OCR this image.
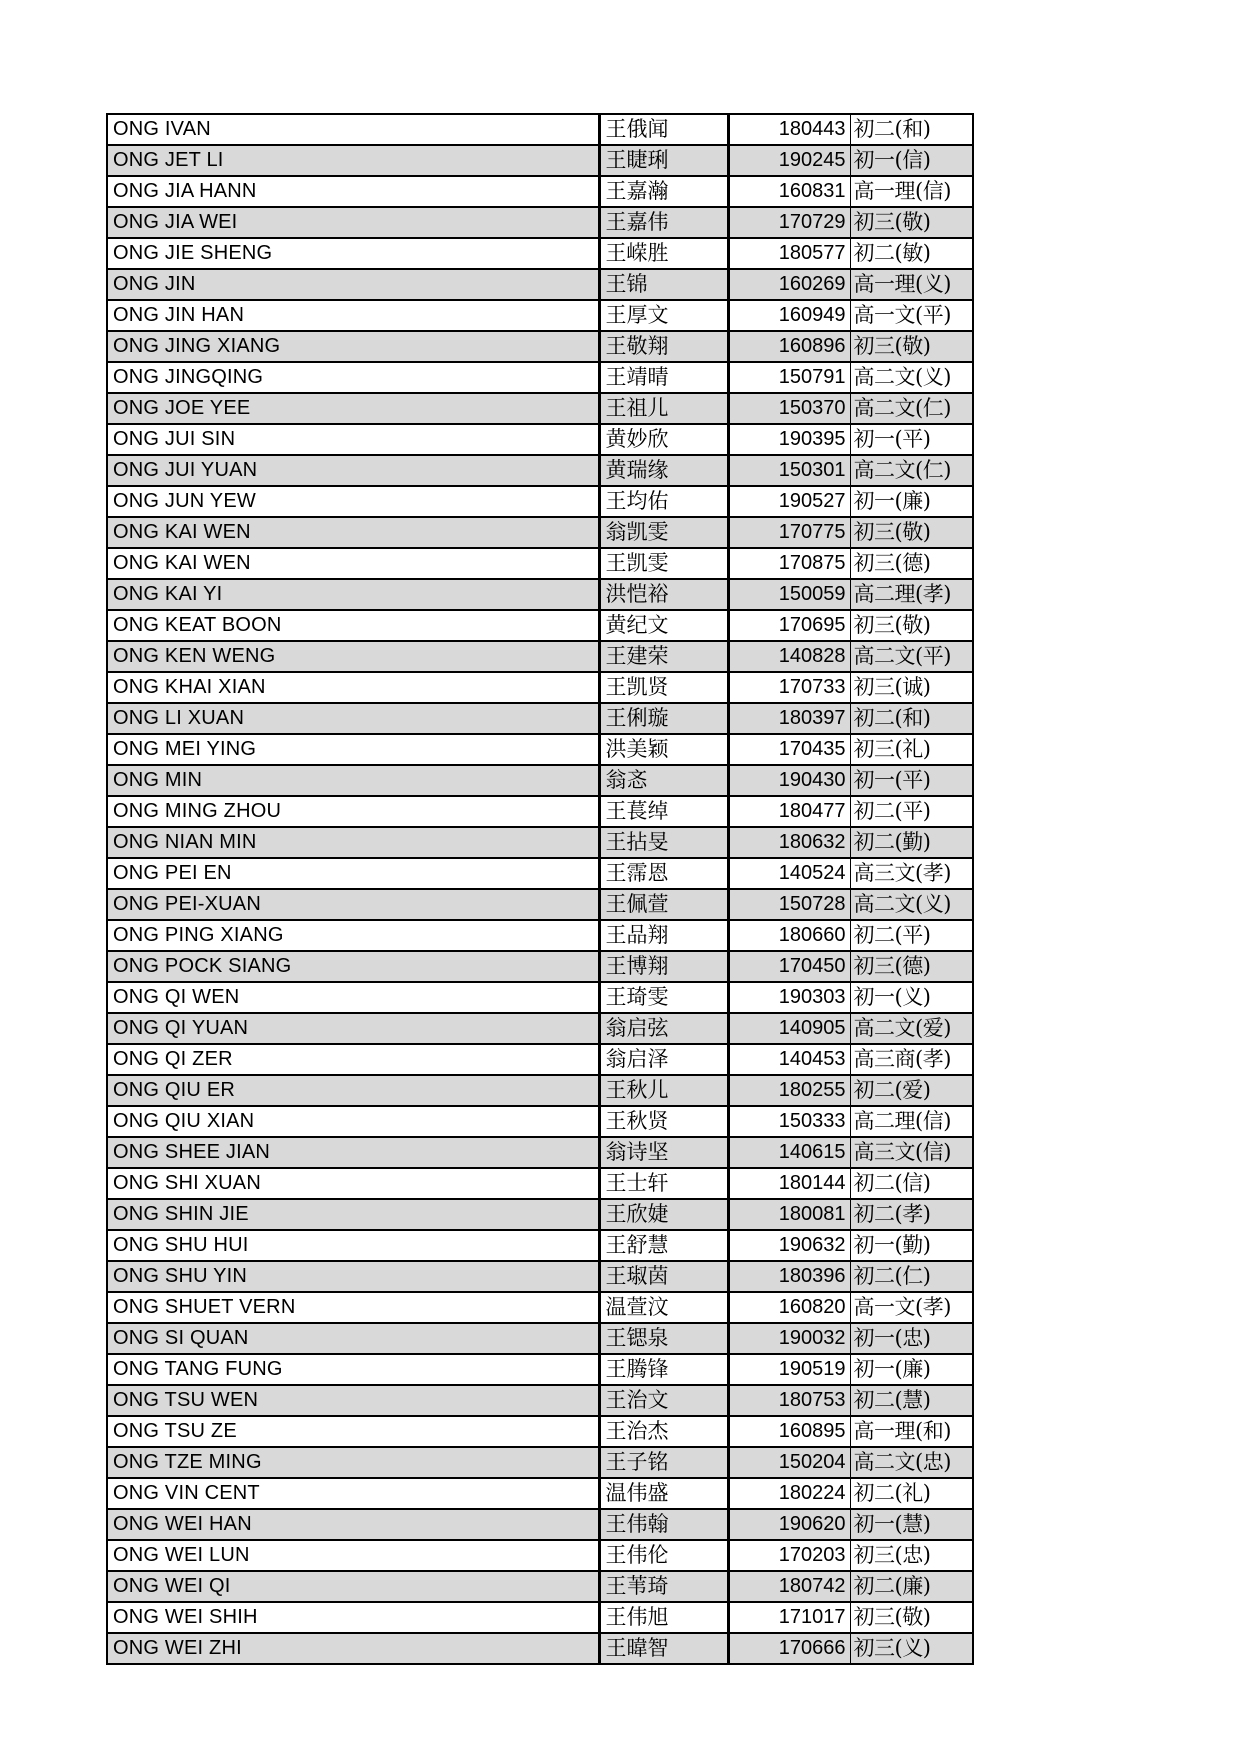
ONG IVAN	王俄闻	180443	初二(和)
ONG JET LI	王睫琍	190245	初一(信)
ONG JIA HANN	王嘉瀚	160831	高一理(信)
ONG JIA WEI	王嘉伟	170729	初三(敬)
ONG JIE SHENG	王嵘胜	180577	初二(敏)
ONG JIN	王锦	160269	高一理(义)
ONG JIN HAN	王厚文	160949	高一文(平)
ONG JING XIANG	王敬翔	160896	初三(敬)
ONG JINGQING	王靖晴	150791	高二文(义)
ONG JOE YEE	王祖儿	150370	高二文(仁)
ONG JUI SIN	黄妙欣	190395	初一(平)
ONG JUI YUAN	黄瑞缘	150301	高二文(仁)
ONG JUN YEW	王均佑	190527	初一(廉)
ONG KAI WEN	翁凯雯	170775	初三(敬)
ONG KAI WEN	王凯雯	170875	初三(德)
ONG KAI YI	洪恺裕	150059	高二理(孝)
ONG KEAT BOON	黄纪文	170695	初三(敬)
ONG KEN WENG	王建荣	140828	高二文(平)
ONG KHAI XIAN	王凯贤	170733	初三(诚)
ONG LI XUAN	王俐璇	180397	初二(和)
ONG MEI YING	洪美颖	170435	初三(礼)
ONG MIN	翁忞	190430	初一(平)
ONG MING ZHOU	王萇绰	180477	初二(平)
ONG NIAN MIN	王拈旻	180632	初二(勤)
ONG PEI EN	王霈恩	140524	高三文(孝)
ONG PEI-XUAN	王佩萱	150728	高二文(义)
ONG PING XIANG	王品翔	180660	初二(平)
ONG POCK SIANG	王博翔	170450	初三(德)
ONG QI WEN	王琦雯	190303	初一(义)
ONG QI YUAN	翁启弦	140905	高二文(爱)
ONG QI ZER	翁启泽	140453	高三商(孝)
ONG QIU ER	王秋儿	180255	初二(爱)
ONG QIU XIAN	王秋贤	150333	高二理(信)
ONG SHEE JIAN	翁诗坚	140615	高三文(信)
ONG SHI XUAN	王士轩	180144	初二(信)
ONG SHIN JIE	王欣婕	180081	初二(孝)
ONG SHU HUI	王舒慧	190632	初一(勤)
ONG SHU YIN	王琡茵	180396	初二(仁)
ONG SHUET VERN	温萱汶	160820	高一文(孝)
ONG SI QUAN	王锶泉	190032	初一(忠)
ONG TANG FUNG	王腾锋	190519	初一(廉)
ONG TSU WEN	王治文	180753	初二(慧)
ONG TSU ZE	王治杰	160895	高一理(和)
ONG TZE MING	王子铭	150204	高二文(忠)
ONG VIN CENT	温伟盛	180224	初二(礼)
ONG WEI HAN	王伟翰	190620	初一(慧)
ONG WEI LUN	王伟伦	170203	初三(忠)
ONG WEI QI	王苇琦	180742	初二(廉)
ONG WEI SHIH	王伟旭	171017	初三(敬)
ONG WEI ZHI	王暐智	170666	初三(义)
